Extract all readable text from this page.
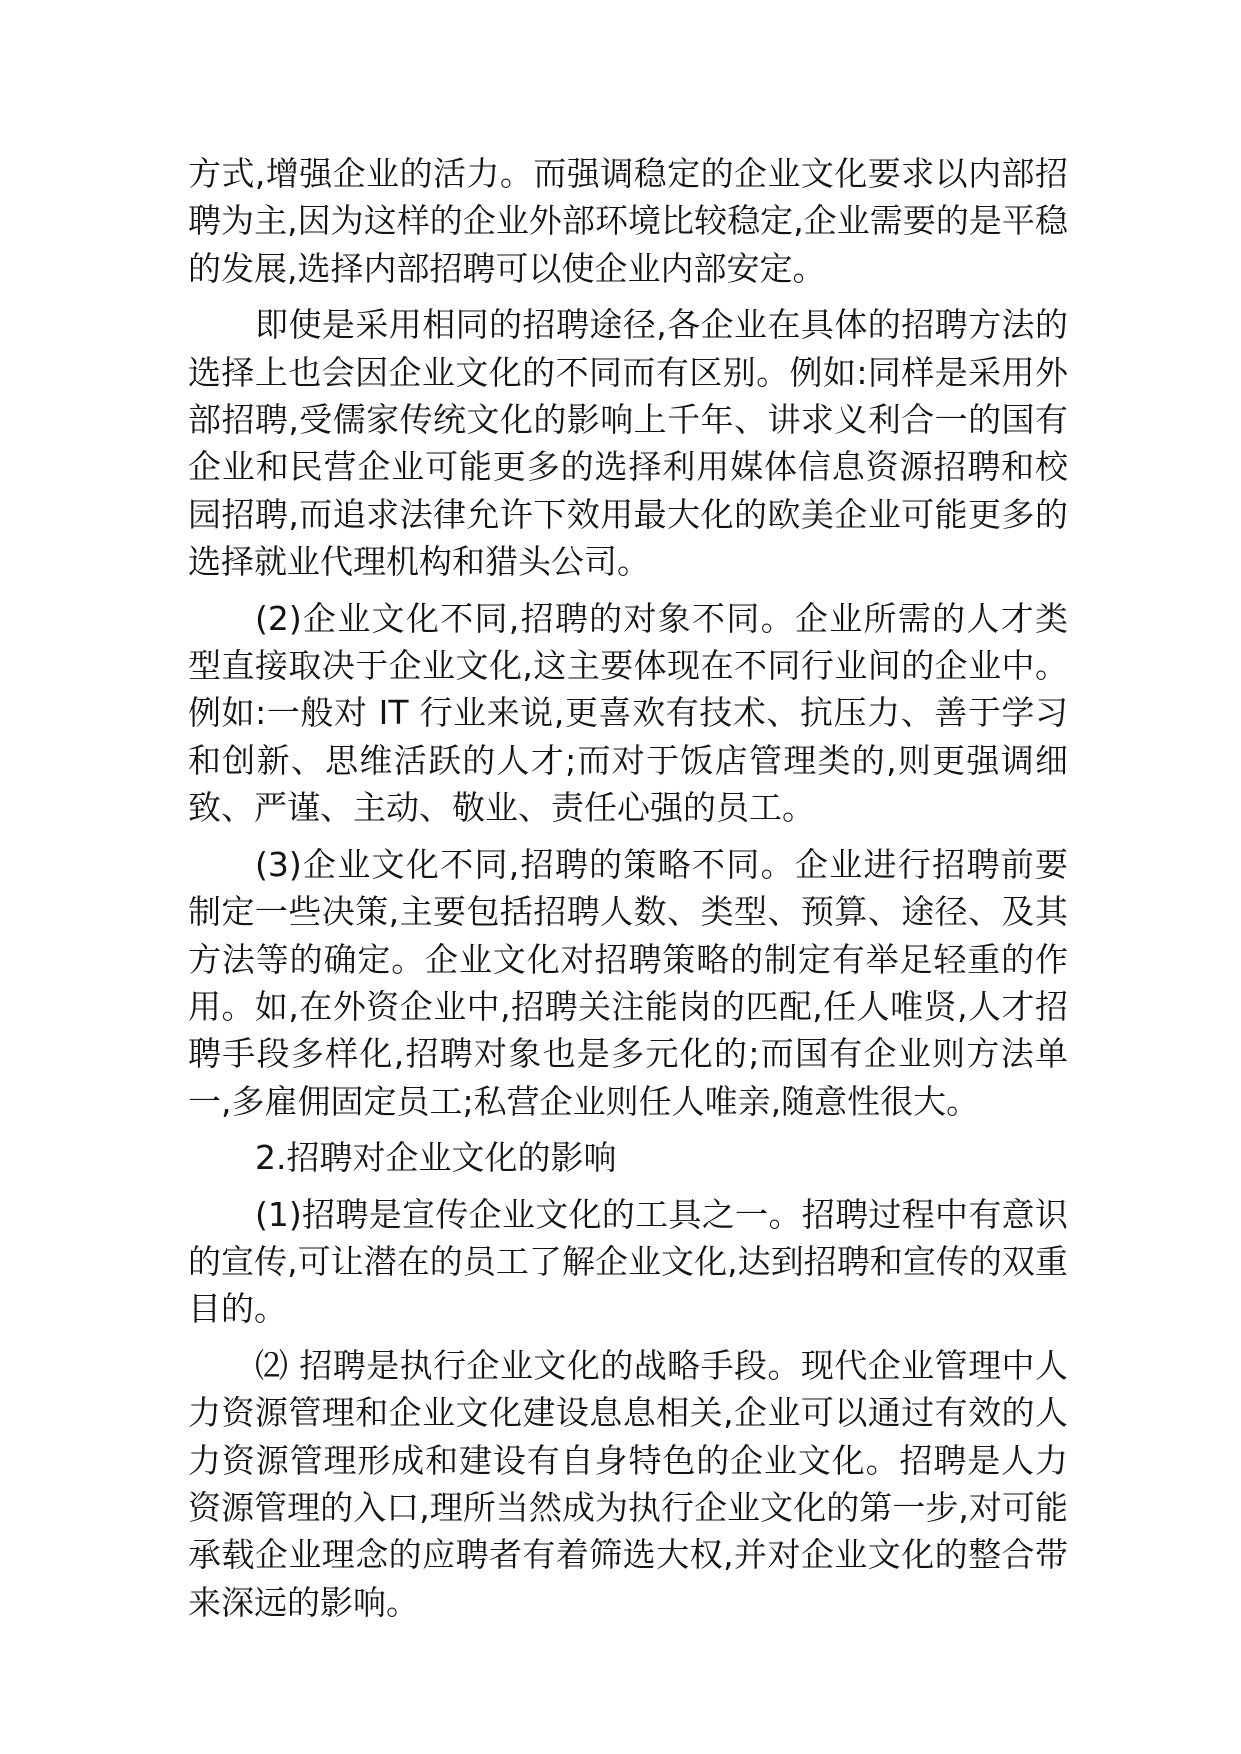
方式,增强企业的活力。而强调稳定的企业文化要求以内部招聘为主,因为这样的企业外部环境比较稳定,企业需要的是平稳的发展,选择内部招聘可以使企业内部安定。

即使是采用相同的招聘途径,各企业在具体的招聘方法的选择上也会因企业文化的不同而有区别。例如:同样是采用外部招聘,受儒家传统文化的影响上千年、讲求义利合一的国有企业和民营企业可能更多的选择利用媒体信息资源招聘和校园招聘,而追求法律允许下效用最大化的欧美企业可能更多的选择就业代理机构和猎头公司。

(2)企业文化不同,招聘的对象不同。企业所需的人才类型直接取决于企业文化,这主要体现在不同行业间的企业中。例如:一般对 IT 行业来说,更喜欢有技术、抗压力、善于学习和创新、思维活跃的人才;而对于饭店管理类的,则更强调细致、严谨、主动、敬业、责任心强的员工。

(3)企业文化不同,招聘的策略不同。企业进行招聘前要制定一些决策,主要包括招聘人数、类型、预算、途径、及其方法等的确定。企业文化对招聘策略的制定有举足轻重的作用。如,在外资企业中,招聘关注能岗的匹配,任人唯贤,人才招聘手段多样化,招聘对象也是多元化的;而国有企业则方法单一,多雇佣固定员工;私营企业则任人唯亲,随意性很大。

2.招聘对企业文化的影响

(1)招聘是宣传企业文化的工具之一。招聘过程中有意识的宣传,可让潜在的员工了解企业文化,达到招聘和宣传的双重目的。

⑵ 招聘是执行企业文化的战略手段。现代企业管理中人力资源管理和企业文化建设息息相关,企业可以通过有效的人力资源管理形成和建设有自身特色的企业文化。招聘是人力资源管理的入口,理所当然成为执行企业文化的第一步,对可能承载企业理念的应聘者有着筛选大权,并对企业文化的整合带来深远的影响。
